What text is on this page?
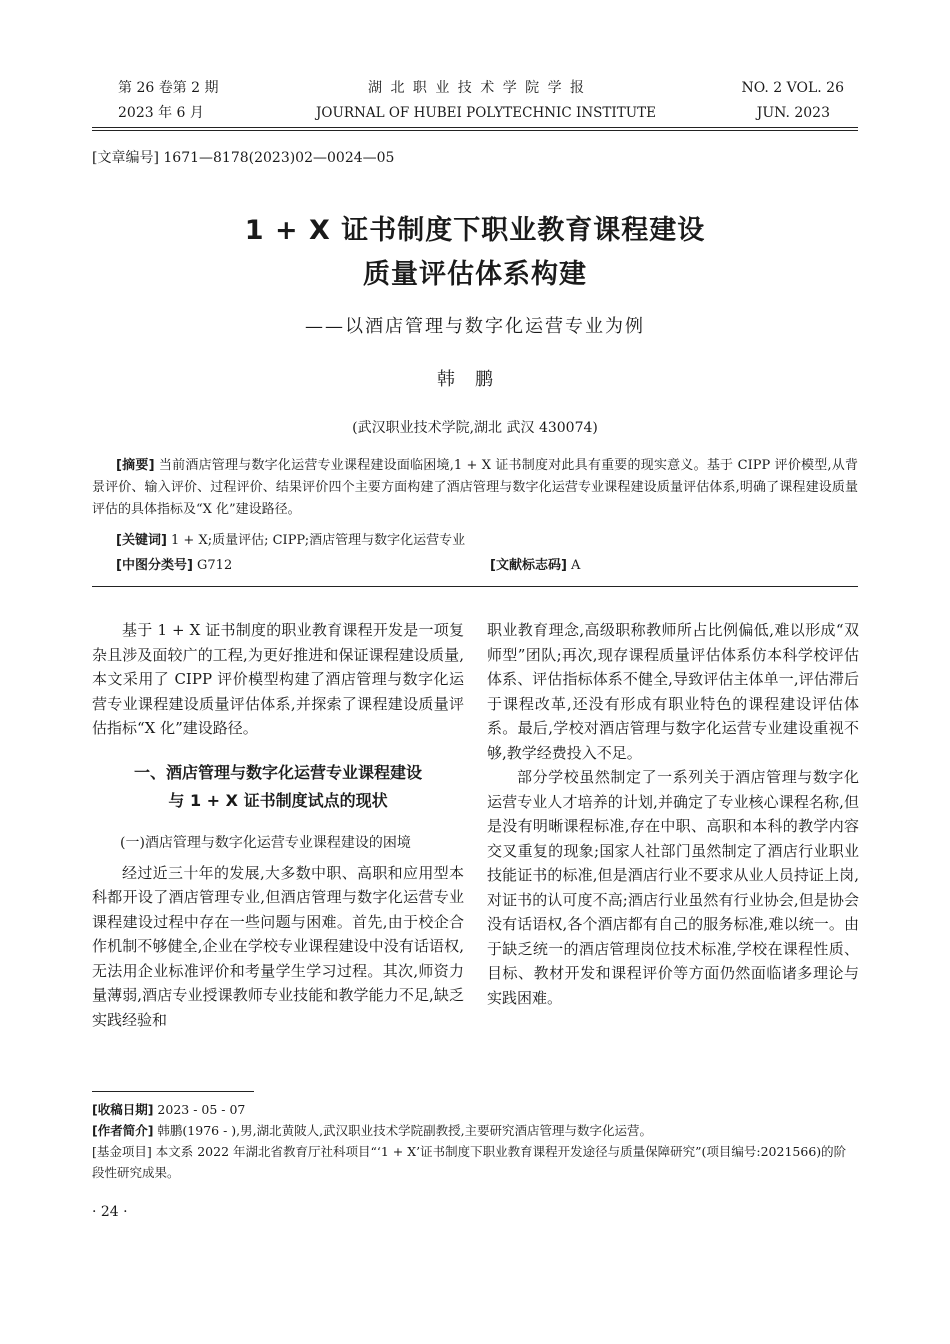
第 26 卷第 2 期
2023 年 6 月
湖 北 职 业 技 术 学 院 学 报
JOURNAL OF HUBEI POLYTECHNIC INSTITUTE
NO. 2 VOL. 26
JUN. 2023
[文章编号] 1671—8178(2023)02—0024—05
1 + X 证书制度下职业教育课程建设
质量评估体系构建
——以酒店管理与数字化运营专业为例
韩鹏
(武汉职业技术学院,湖北 武汉 430074)
[摘要] 当前酒店管理与数字化运营专业课程建设面临困境,1 + X 证书制度对此具有重要的现实意义。基于 CIPP 评价模型,从背景评价、输入评价、过程评价、结果评价四个主要方面构建了酒店管理与数字化运营专业课程建设质量评估体系,明确了课程建设质量评估的具体指标及“X 化”建设路径。
[关键词] 1 + X;质量评估; CIPP;酒店管理与数字化运营专业
[中图分类号] G712	[文献标志码] A

基于 1 + X 证书制度的职业教育课程开发是一项复杂且涉及面较广的工程,为更好推进和保证课程建设质量,本文采用了 CIPP 评价模型构建了酒店管理与数字化运营专业课程建设质量评估体系,并探索了课程建设质量评估指标“X 化”建设路径。

一、酒店管理与数字化运营专业课程建设
与 1 + X 证书制度试点的现状

(一)酒店管理与数字化运营专业课程建设的困境

经过近三十年的发展,大多数中职、高职和应用型本科都开设了酒店管理专业,但酒店管理与数字化运营专业课程建设过程中存在一些问题与困难。首先,由于校企合作机制不够健全,企业在学校专业课程建设中没有话语权,无法用企业标准评价和考量学生学习过程。其次,师资力量薄弱,酒店专业授课教师专业技能和教学能力不足,缺乏实践经验和

职业教育理念,高级职称教师所占比例偏低,难以形成“双师型”团队;再次,现存课程质量评估体系仿本科学校评估体系、评估指标体系不健全,导致评估主体单一,评估滞后于课程改革,还没有形成有职业特色的课程建设评估体系。最后,学校对酒店管理与数字化运营专业建设重视不够,教学经费投入不足。

部分学校虽然制定了一系列关于酒店管理与数字化运营专业人才培养的计划,并确定了专业核心课程名称,但是没有明晰课程标准,存在中职、高职和本科的教学内容交叉重复的现象;国家人社部门虽然制定了酒店行业职业技能证书的标准,但是酒店行业不要求从业人员持证上岗,对证书的认可度不高;酒店行业虽然有行业协会,但是协会没有话语权,各个酒店都有自己的服务标准,难以统一。由于缺乏统一的酒店管理岗位技术标准,学校在课程性质、目标、教材开发和课程评价等方面仍然面临诸多理论与实践困难。

[收稿日期] 2023 - 05 - 07
[作者简介] 韩鹏(1976 - ),男,湖北黄陂人,武汉职业技术学院副教授,主要研究酒店管理与数字化运营。
[基金项目] 本文系 2022 年湖北省教育厅社科项目“‘1 + X’证书制度下职业教育课程开发途径与质量保障研究”(项目编号:2021566)的阶段性研究成果。
· 24 ·
